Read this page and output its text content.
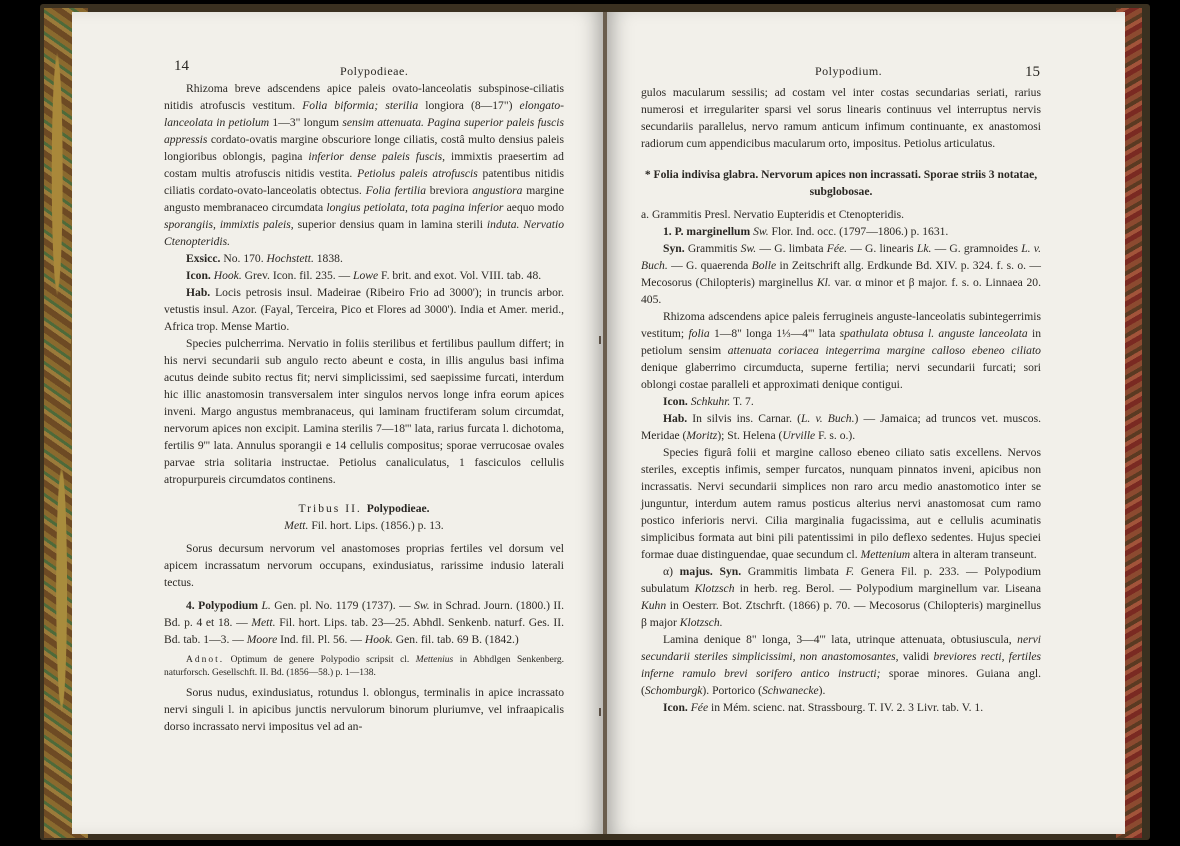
14	Polypodieae.

Rhizoma breve adscendens apice paleis ovato-lanceolatis subspinose-ciliatis nitidis atrofuscis vestitum. Folia biformia; sterilia longiora (8—17") elongato-lanceolata in petiolum 1—3" longum sensim attenuata. Pagina superior paleis fuscis appressis cordato-ovatis margine obscuriore longe ciliatis, costâ multo densius paleis longioribus oblongis, pagina inferior dense paleis fuscis, immixtis praesertim ad costam multis atrofuscis nitidis vestita. Petiolus paleis atrofuscis patentibus nitidis ciliatis cordato-ovato-lanceolatis obtectus. Folia fertilia breviora angustiora margine angusto membranaceo circumdata longius petiolata, tota pagina inferior aequo modo sporangiis, immixtis paleis, superior densius quam in lamina sterili induta. Nervatio Ctenopteridis.

Exsicc. No. 170. Hochstett. 1838.

Icon. Hook. Grev. Icon. fil. 235. — Lowe F. brit. and exot. Vol. VIII. tab. 48.

Hab. Locis petrosis insul. Madeirae (Ribeiro Frio ad 3000'); in truncis arbor. vetustis insul. Azor. (Fayal, Terceira, Pico et Flores ad 3000'). India et Amer. merid., Africa trop. Mense Martio.

Species pulcherrima. Nervatio in foliis sterilibus et fertilibus paullum differt; in his nervi secundarii sub angulo recto abeunt e costa, in illis angulus basi infima acutus deinde subito rectus fit; nervi simplicissimi, sed saepissime furcati, interdum hic illic anastomosin transversalem inter singulos nervos longe infra eorum apices inveni. Margo angustus membranaceus, qui laminam fructiferam solum circumdat, nervorum apices non excipit. Lamina sterilis 7—18''' lata, rarius furcata l. dichotoma, fertilis 9''' lata. Annulus sporangii e 14 cellulis compositus; sporae verrucosae ovales parvae stria solitaria instructae. Petiolus canaliculatus, 1 fasciculos cellulis atropurpureis circumdatos continens.

Tribus II. Polypodieae.

Mett. Fil. hort. Lips. (1856.) p. 13.

Sorus decursum nervorum vel anastomoses proprias fertiles vel dorsum vel apicem incrassatum nervorum occupans, exindusiatus, rarissime indusio laterali tectus.

4. Polypodium L. Gen. pl. No. 1179 (1737). — Sw. in Schrad. Journ. (1800.) II. Bd. p. 4 et 18. — Mett. Fil. hort. Lips. tab. 23—25. Abhdl. Senkenb. naturf. Ges. II. Bd. tab. 1—3. — Moore Ind. fil. Pl. 56. — Hook. Gen. fil. tab. 69 B. (1842.)

Adnot. Optimum de genere Polypodio scripsit cl. Mettenius in Abhdlgen Senkenberg. naturforsch. Gesellschft. II. Bd. (1856—58.) p. 1—138.

Sorus nudus, exindusiatus, rotundus l. oblongus, terminalis in apice incrassato nervi singuli l. in apicibus junctis nervulorum binorum pluriumve, vel infraapicalis dorso incrassato nervi impositus vel ad an-

Polypodium.	15

gulos macularum sessilis; ad costam vel inter costas secundarias seriati, rarius numerosi et irregulariter sparsi vel sorus linearis continuus vel interruptus nervis secundariis parallelus, nervo ramum anticum infimum continuante, ex anastomosi radiorum cum appendicibus macularum orto, impositus. Petiolus articulatus.

* Folia indivisa glabra. Nervorum apices non incrassati. Sporae striis 3 notatae, subglobosae.

a. Grammitis Presl. Nervatio Eupteridis et Ctenopteridis.

1. P. marginellum Sw. Flor. Ind. occ. (1797—1806.) p. 1631.

Syn. Grammitis Sw. — G. limbata Fée. — G. linearis Lk. — G. gramnoides L. v. Buch. — G. quaerenda Bolle in Zeitschrift allg. Erdkunde Bd. XIV. p. 324. f. s. o. — Mecosorus (Chilopteris) marginellus Kl. var. α minor et β major. f. s. o. Linnaea 20. 405.

Rhizoma adscendens apice paleis ferrugineis anguste-lanceolatis subintegerrimis vestitum; folia 1—8" longa 1⅓—4''' lata spathulata obtusa l. anguste lanceolata in petiolum sensim attenuata coriacea integerrima margine calloso ebeneo ciliato denique glaberrimo circumducta, superne fertilia; nervi secundarii furcati; sori oblongi costae paralleli et approximati denique contigui.

Icon. Schkuhr. T. 7.

Hab. In silvis ins. Carnar. (L. v. Buch.) — Jamaica; ad truncos vet. muscos. Meridae (Moritz); St. Helena (Urville F. s. o.).

Species figurâ folii et margine calloso ebeneo ciliato satis excellens. Nervos steriles, exceptis infimis, semper furcatos, nunquam pinnatos inveni, apicibus non incrassatis. Nervi secundarii simplices non raro arcu medio anastomotico inter se junguntur, interdum autem ramus posticus alterius nervi anastomosat cum ramo postico inferioris nervi. Cilia marginalia fugacissima, aut e cellulis acuminatis simplicibus formata aut bini pili patentissimi in pilo deflexo sedentes. Hujus speciei formae duae distinguendae, quae secundum cl. Mettenium altera in alteram transeunt.

α) majus. Syn. Grammitis limbata F. Genera Fil. p. 233. — Polypodium subulatum Klotzsch in herb. reg. Berol. — Polypodium marginellum var. Liseana Kuhn in Oesterr. Bot. Ztschrft. (1866) p. 70. — Mecosorus (Chilopteris) marginellus β major Klotzsch.

Lamina denique 8" longa, 3—4''' lata, utrinque attenuata, obtusiuscula, nervi secundarii steriles simplicissimi, non anastomosantes, validi breviores recti, fertiles inferne ramulo brevi sorifero antico instructi; sporae minores. Guiana angl. (Schomburgk). Portorico (Schwanecke).

Icon. Fée in Mém. scienc. nat. Strassbourg. T. IV. 2. 3 Livr. tab. V. 1.
